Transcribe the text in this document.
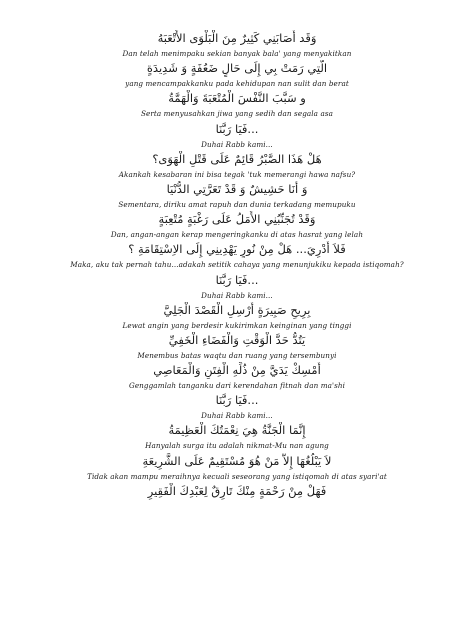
وَقَد أَصَابَنِي كَثِيرٌ مِنَ الْبَلْوَى الأَتْعَبَهُ
Dan telah menimpaku sekian banyak bala' yang menyakitkan
الَّتِي رَمَتْ بِي إِلَى حَالٍ ضَعُفَةٍ وَ شَدِيدَةٍ
yang mencampakkanku pada kehidupan nan sulit dan berat
و سَبَّبَ النَّفْسَ الْمُتْعَبَةَ وَالْهَمَّةُ
Serta menyusahkan jiwa yang sedih dan segala asa
...فَيَا رَبَّنَا
Duhai Rabb kami...
هَلْ هَذَا الصَّبْرُ قَائِمٌ عَلَى قَتْلِ الْهَوَى؟
Akankah kesabaran ini bisa tegak 'tuk memerangi hawa nafsu?
وَ أَنَا حَشِيشٌ وَ قَدْ تَعَرَّتِي الدُّنْيَا
Sementara, diriku amat rapuh dan dunia terkadang memupuku
وَقَدْ تُجَنِّبُنِي الأَمَلُ عَلَى رَغْبَةٍ مُتْعِبَةٍ
Dan, angan-angan kerap mengeringkanku di atas hasrat yang lelah
فَلاَ أَدْرِيَ... هَلْ مِنْ نُورٍ يَهْدِينِي إِلَى الاِسْتِقَامَةِ ؟
Maka, aku tak pernah tahu...adakah setitik cahaya yang menunjukiku kepada istiqomah?
...فَيَا رَبَّنَا
Duhai Rabb kami...
بِرِيحٍ صَبِيرَةٍ أَرْسِلِ الْقَصْدَ الْجَلِيَّ
Lewat angin yang berdesir kukirimkan keinginan yang tinggi
يَتُدُّ حَدَّ الْوَقْتِ وَالْفَضَاءِ الْخَفِيِّ
Menembus batas waqtu dan ruang yang tersembunyi
أَمْسِكْ يَدَيَّ مِنْ ذُلِّهِ الْفِتَنِ وَالْمَعَاصِي
Genggamlah tanganku dari kerendahan fitnah dan ma'shi
...فَيَا رَبَّنَا
Duhai Rabb kami...
إِنَّمَا الْجَنَّةُ هِيَ نِعْمَتُكَ الْعَظِيمَةُ
Hanyalah surga itu adalah nikmat-Mu nan agung
لاَ يَبْلُغُهَا إِلاَّ مَنْ هُوَ مُسْتَقِيمٌ عَلَى الشَّرِيعَةِ
Tidak akan mampu meraihnya kecuali seseorang yang istiqomah di atas syari'at
فَهَلْ مِنْ رَحْمَةٍ مِنْكَ تَارِقٌ لِعَبْدِكَ الْفَقِيرِ
